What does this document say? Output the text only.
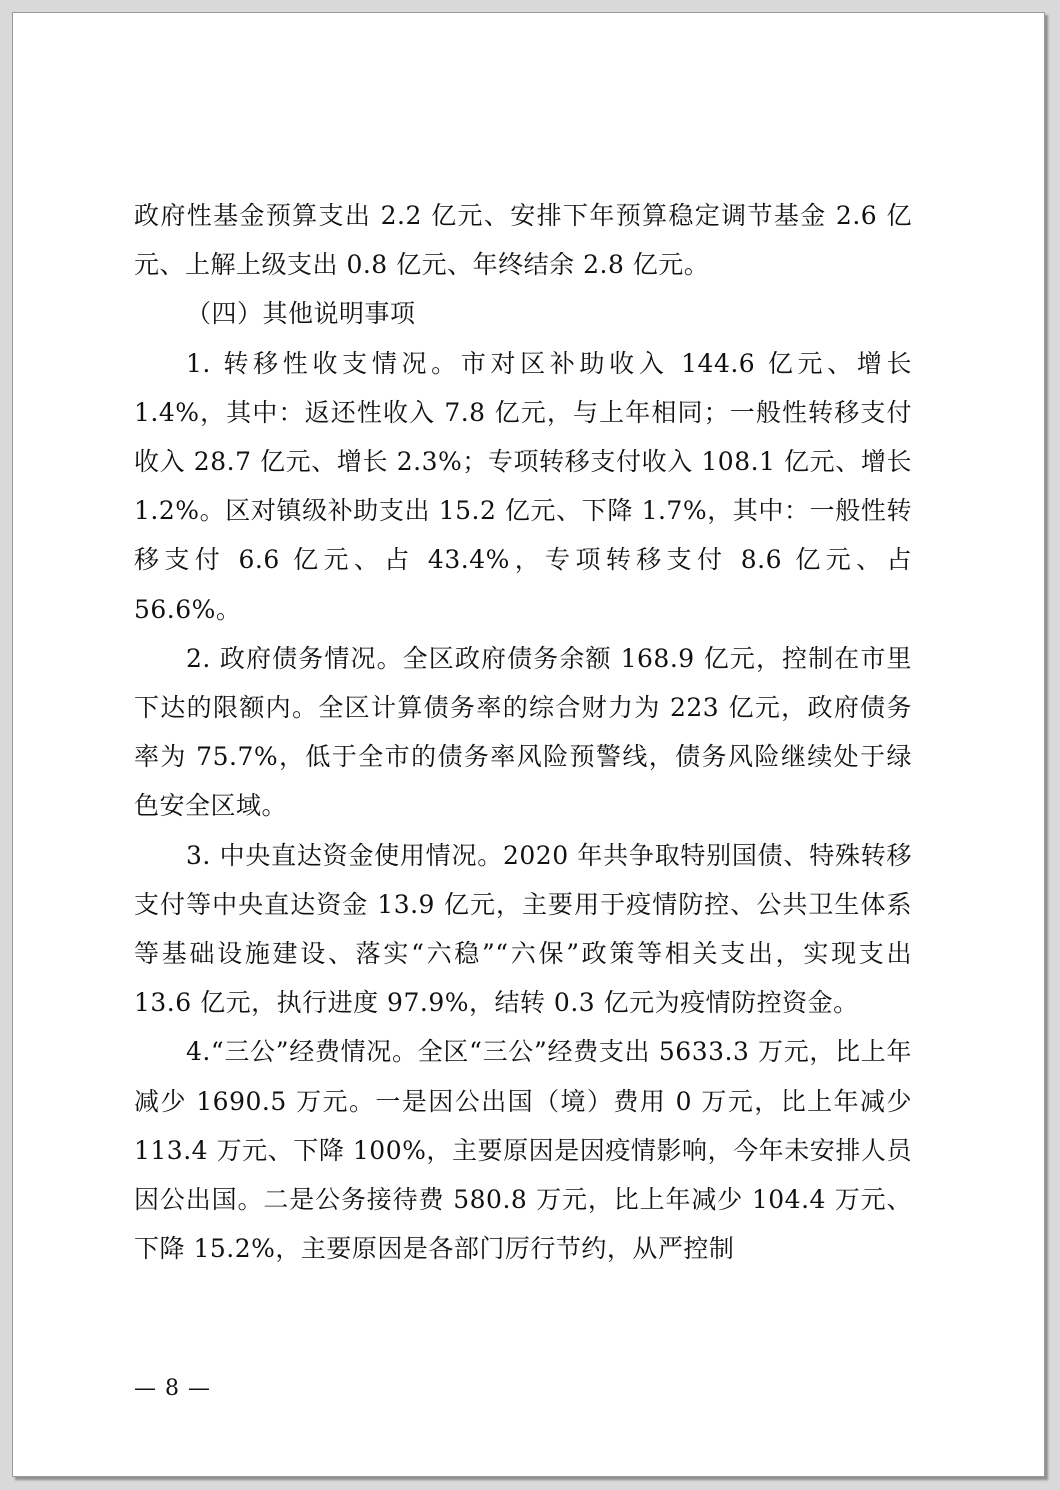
政府性基金预算支出 2.2 亿元、安排下年预算稳定调节基金 2.6 亿元、上解上级支出 0.8 亿元、年终结余 2.8 亿元。

（四）其他说明事项

1. 转移性收支情况。市对区补助收入 144.6 亿元、增长 1.4%，其中：返还性收入 7.8 亿元，与上年相同；一般性转移支付收入 28.7 亿元、增长 2.3%；专项转移支付收入 108.1 亿元、增长 1.2%。区对镇级补助支出 15.2 亿元、下降 1.7%，其中：一般性转移支付 6.6 亿元、占 43.4%，专项转移支付 8.6 亿元、占 56.6%。

2. 政府债务情况。全区政府债务余额 168.9 亿元，控制在市里下达的限额内。全区计算债务率的综合财力为 223 亿元，政府债务率为 75.7%，低于全市的债务率风险预警线，债务风险继续处于绿色安全区域。

3. 中央直达资金使用情况。2020 年共争取特别国债、特殊转移支付等中央直达资金 13.9 亿元，主要用于疫情防控、公共卫生体系等基础设施建设、落实“六稳”“六保”政策等相关支出，实现支出 13.6 亿元，执行进度 97.9%，结转 0.3 亿元为疫情防控资金。

4.“三公”经费情况。全区“三公”经费支出 5633.3 万元，比上年减少 1690.5 万元。一是因公出国（境）费用 0 万元，比上年减少 113.4 万元、下降 100%，主要原因是因疫情影响，今年未安排人员因公出国。二是公务接待费 580.8 万元，比上年减少 104.4 万元、下降 15.2%，主要原因是各部门厉行节约，从严控制

— 8 —
